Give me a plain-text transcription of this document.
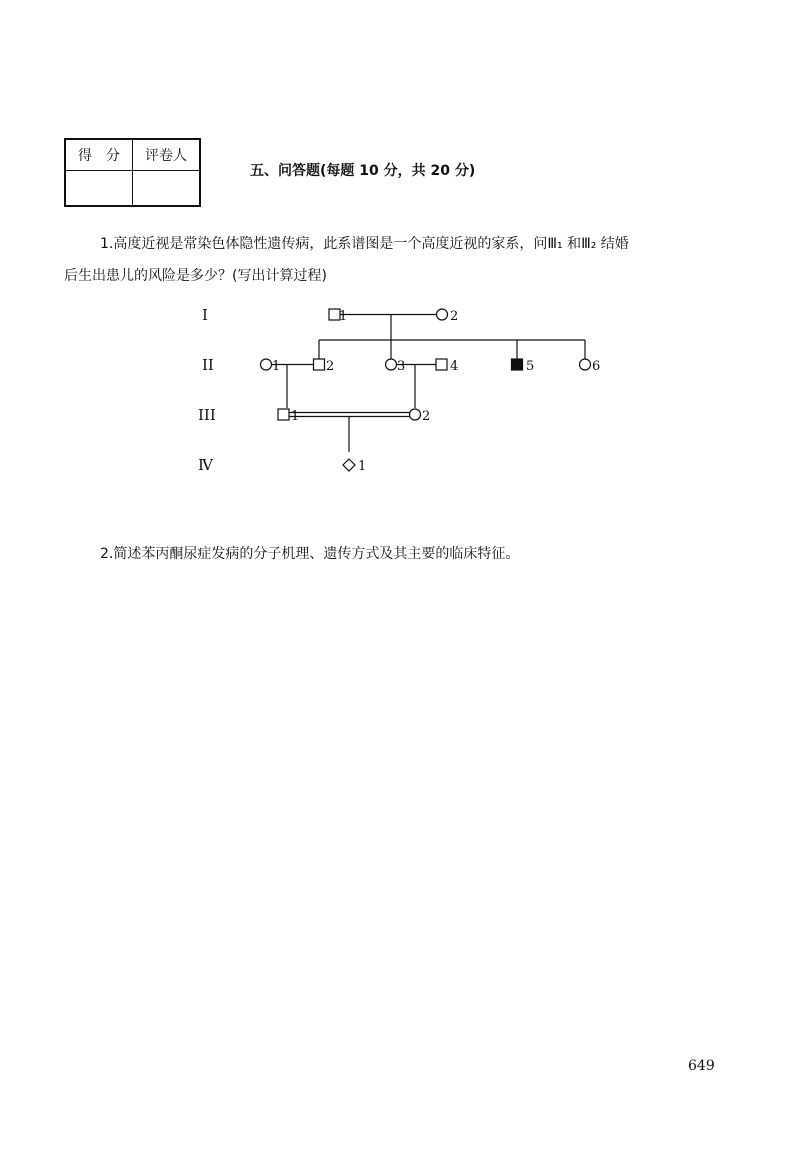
得　分	评卷人

五、问答题(每题 10 分，共 20 分)
1.高度近视是常染色体隐性遗传病，此系谱图是一个高度近视的家系，问Ⅲ₁ 和Ⅲ₂ 结婚
后生出患儿的风险是多少？(写出计算过程)
I
II
III
Ⅳ
1	2
1	2	3	4	5	6
1	2
1
2.简述苯丙酮尿症发病的分子机理、遗传方式及其主要的临床特征。
649
